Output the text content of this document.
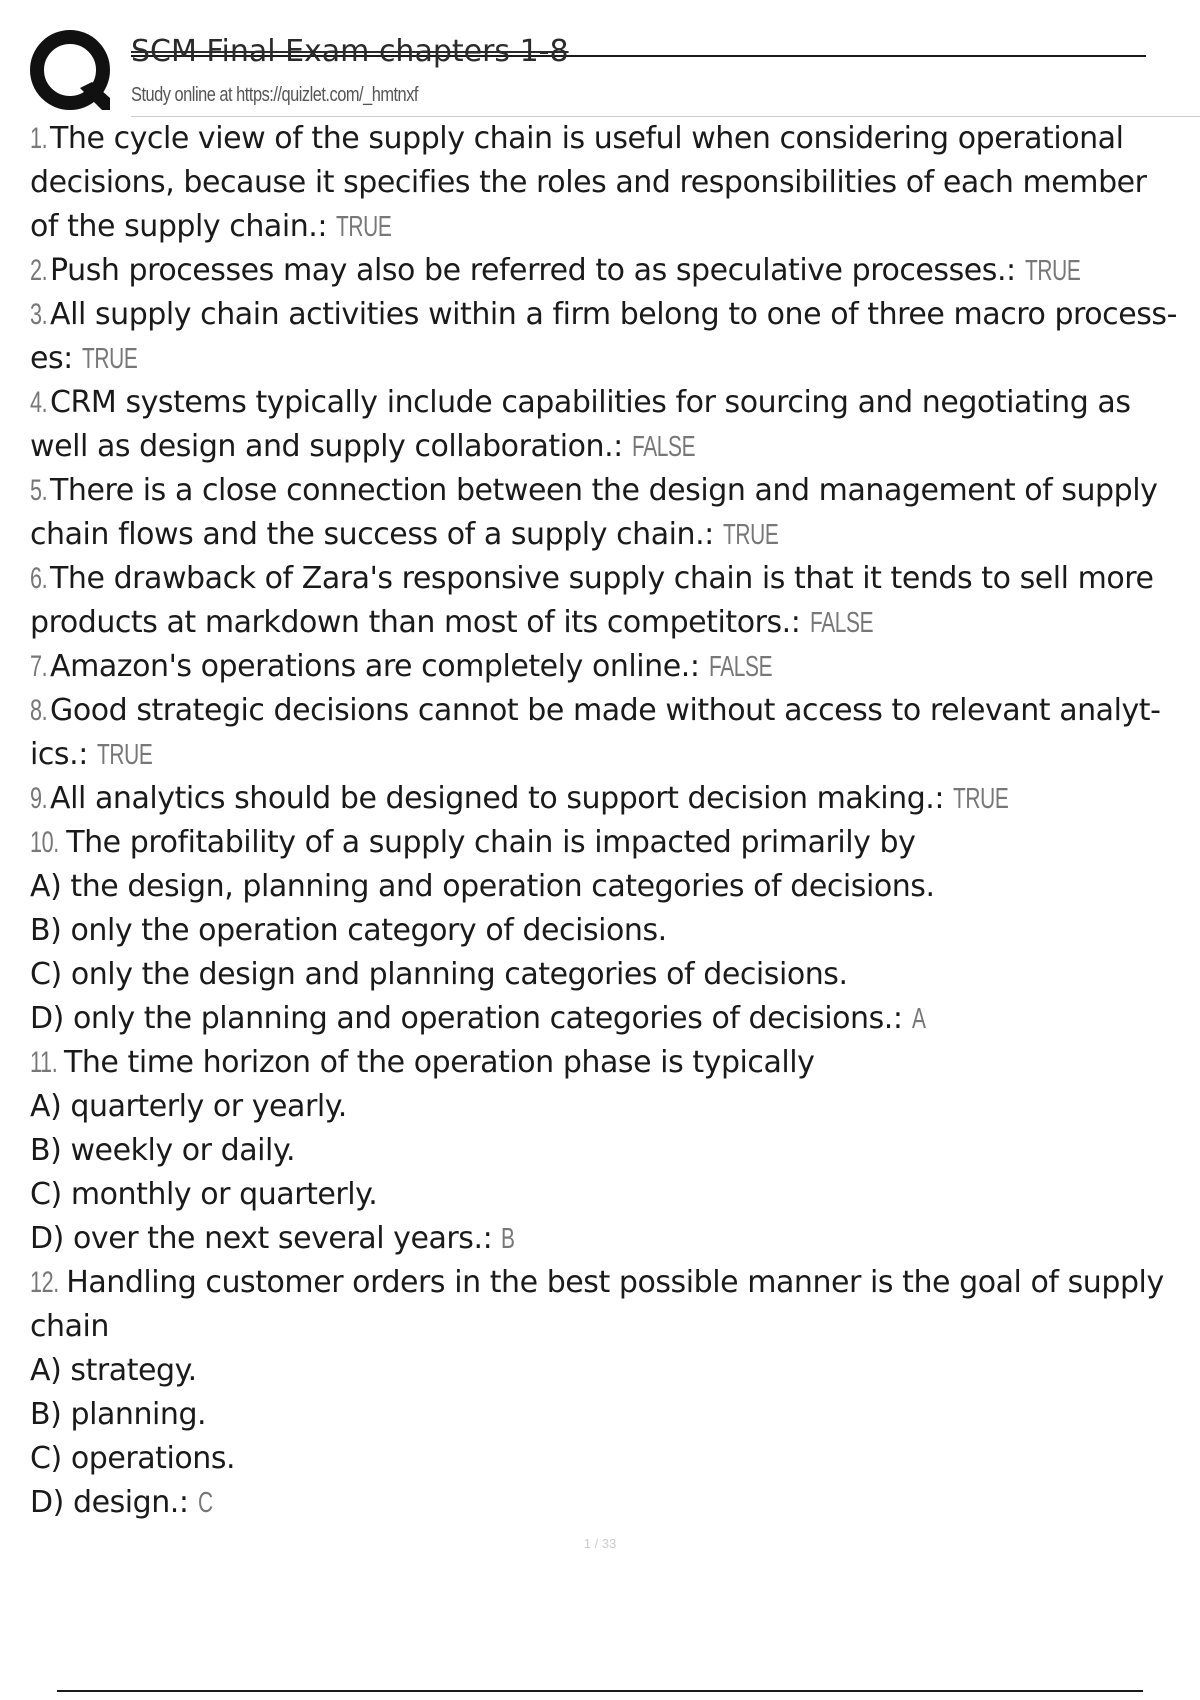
SCM Final Exam chapters 1-8
Study online at https://quizlet.com/_hmtnxf

1.The cycle view of the supply chain is useful when considering operational

decisions, because it specifies the roles and responsibilities of each member

of the supply chain.: TRUE

2.Push processes may also be referred to as speculative processes.: TRUE

3.All supply chain activities within a firm belong to one of three macro process-

es: TRUE

4.CRM systems typically include capabilities for sourcing and negotiating as

well as design and supply collaboration.: FALSE

5.There is a close connection between the design and management of supply

chain flows and the success of a supply chain.: TRUE

6.The drawback of Zara's responsive supply chain is that it tends to sell more

products at markdown than most of its competitors.: FALSE

7.Amazon's operations are completely online.: FALSE

8.Good strategic decisions cannot be made without access to relevant analyt-

ics.: TRUE

9.All analytics should be designed to support decision making.: TRUE

10. The profitability of a supply chain is impacted primarily by

A) the design, planning and operation categories of decisions.

B) only the operation category of decisions.

C) only the design and planning categories of decisions.

D) only the planning and operation categories of decisions.: A

11. The time horizon of the operation phase is typically

A) quarterly or yearly.

B) weekly or daily.

C) monthly or quarterly.

D) over the next several years.: B

12. Handling customer orders in the best possible manner is the goal of supply

chain

A) strategy.

B) planning.

C) operations.

D) design.: C

1 / 33
